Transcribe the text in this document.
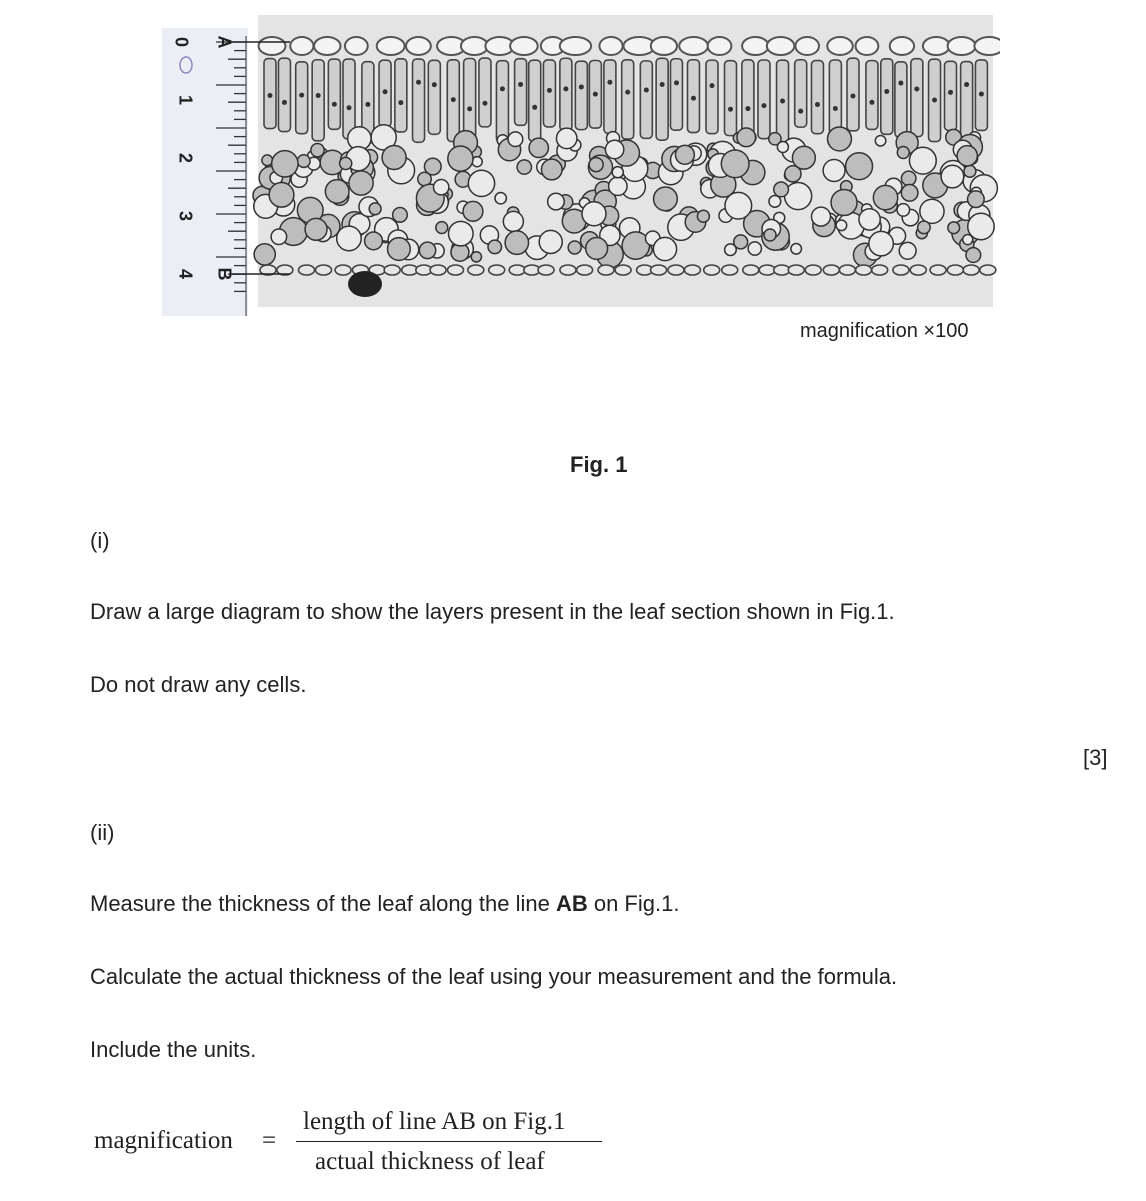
0
1
2
3
4
A
B
magnification ×100
Fig. 1
(i)
Draw a large diagram to show the layers present in the leaf section shown in Fig.1.
Do not draw any cells.
[3]
(ii)
Measure the thickness of the leaf along the line AB on Fig.1.
Calculate the actual thickness of the leaf using your measurement and the formula.
Include the units.
magnification =
length of line AB on Fig.1
actual thickness of leaf
